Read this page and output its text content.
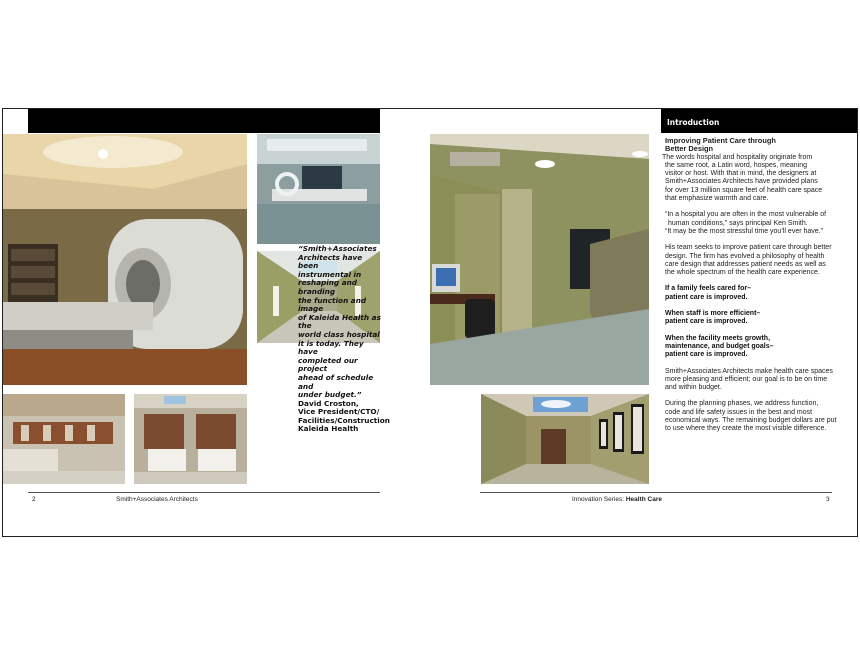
“Smith+Associates
Architects have been
instrumental in
reshaping and branding
the function and image
of Kaleida Health as the
world class hospital
it is today. They have
completed our project
ahead of schedule and
under budget.”
David Croston,
Vice President/CTO/
Facilities/Construction
Kaleida Health
2	Smith+Associates Architects
Introduction
Improving Patient Care through
Better Design

The words hospital and hospitality originate from
the same root, a Latin word, hospes, meaning
visitor or host. With that in mind, the designers at
Smith+Associates Architects have provided plans
for over 13 million square feet of health care space
that emphasize warmth and care.

“In a hospital you are often in the most vulnerable of
human conditions,” says principal Ken Smith.
“It may be the most stressful time you’ll ever have.”

His team seeks to improve patient care through better
design. The firm has evolved a philosophy of health
care design that addresses patient needs as well as
the whole spectrum of the health care experience.

If a family feels cared for–
patient care is improved.

When staff is more efficient–
patient care is improved.

When the facility meets growth,
maintenance, and budget goals–
patient care is improved.

Smith+Associates Architects make health care spaces
more pleasing and efficient; our goal is to be on time
and within budget.

During the planning phases, we address function,
code and life safety issues in the best and most
economical ways. The remaining budget dollars are put
to use where they create the most visible difference.

Innovation Series: Health Care	3
